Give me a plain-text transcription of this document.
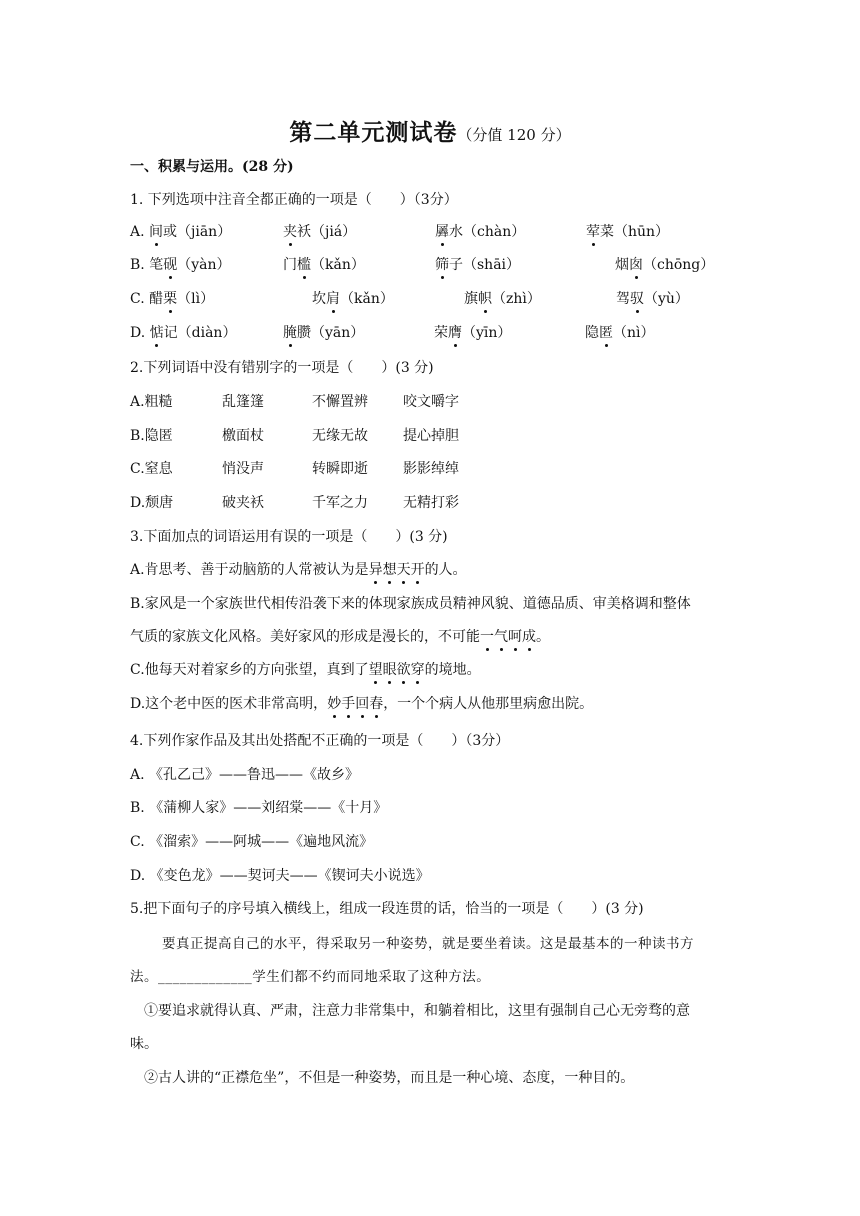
第二单元测试卷（分值 120 分）
一、积累与运用。(28 分)
1. 下列选项中注音全都正确的一项是（　　）（3分）
A. 间或（jiān）	夹袄（jiá）	羼水（chàn）	荤菜（hūn）
B. 笔砚（yàn）	门槛（kǎn）	筛子（shāi）	烟囱（chōng）
C. 醋栗（lì）	坎肩（kǎn）	旗帜（zhì）	驾驭（yù）
D. 惦记（diàn）	腌臜（yān）	荣膺（yīn）	隐匿（nì）
2.下列词语中没有错别字的一项是（　　）(3 分)
A.粗糙	乱篷篷	不懈置辨	咬文嚼字
B.隐匿	檄面杖	无缘无故	提心掉胆
C.窒息	悄没声	转瞬即逝	影影绰绰
D.颓唐	破夹袄	千军之力	无精打彩
3.下面加点的词语运用有误的一项是（　　）(3 分)
A.肯思考、善于动脑筋的人常被认为是异想天开的人。
B.家风是一个家族世代相传沿袭下来的体现家族成员精神风貌、道德品质、审美格调和整体
气质的家族文化风格。美好家风的形成是漫长的，不可能一气呵成。
C.他每天对着家乡的方向张望，真到了望眼欲穿的境地。
D.这个老中医的医术非常高明，妙手回春，一个个病人从他那里病愈出院。
4.下列作家作品及其出处搭配不正确的一项是（　　）（3分）
A. 《孔乙己》——鲁迅——《故乡》
B. 《蒲柳人家》——刘绍棠——《十月》
C. 《溜索》——阿城——《遍地风流》
D. 《变色龙》——契诃夫——《锲诃夫小说选》
5.把下面句子的序号填入横线上，组成一段连贯的话，恰当的一项是（　　）(3 分)
要真正提高自己的水平，得采取另一种姿势，就是要坐着读。这是最基本的一种读书方
法。_____________学生们都不约而同地采取了这种方法。
①要追求就得认真、严肃，注意力非常集中，和躺着相比，这里有强制自己心无旁骛的意
味。
②古人讲的“正襟危坐”，不但是一种姿势，而且是一种心境、态度，一种目的。
